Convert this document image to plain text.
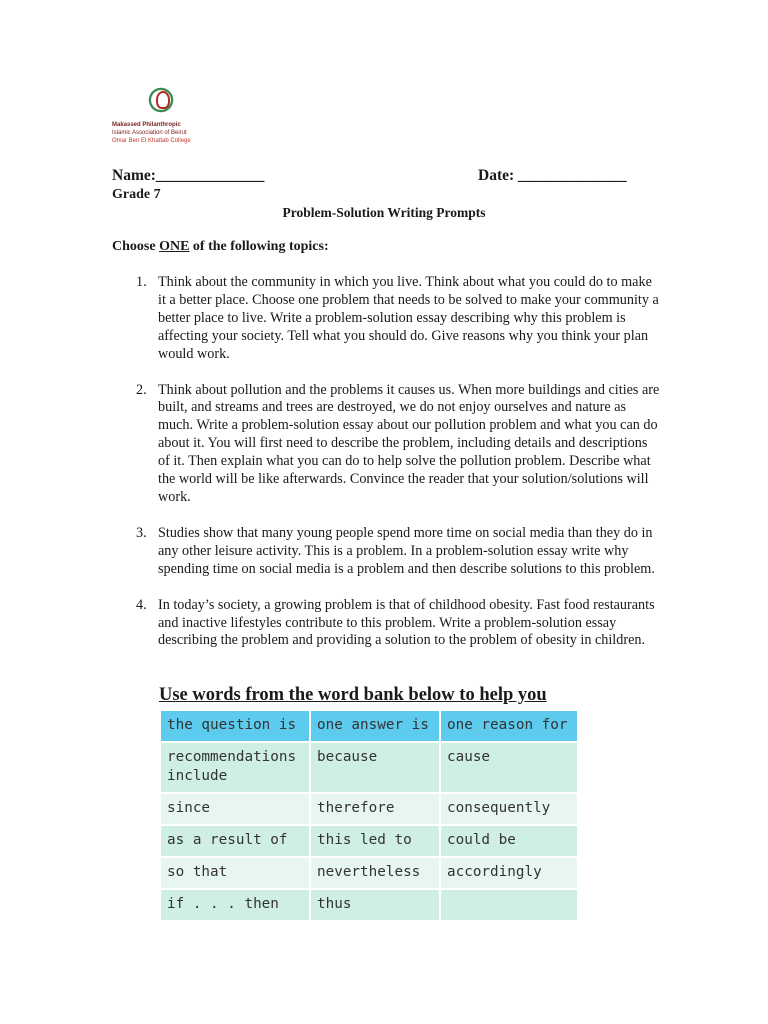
Makassed Philanthropic
Islamic Association of Beirut
Omar Ben El Khattab College
Name:______________	Date: ______________
Grade 7
Problem-Solution Writing Prompts
Choose ONE of the following topics:
1. Think about the community in which you live. Think about what you could do to make it a better place. Choose one problem that needs to be solved to make your community a better place to live. Write a problem-solution essay describing why this problem is affecting your society. Tell what you should do. Give reasons why you think your plan would work.
2. Think about pollution and the problems it causes us. When more buildings and cities are built, and streams and trees are destroyed, we do not enjoy ourselves and nature as much. Write a problem-solution essay about our pollution problem and what you can do about it. You will first need to describe the problem, including details and descriptions of it. Then explain what you can do to help solve the pollution problem. Describe what the world will be like afterwards. Convince the reader that your solution/solutions will work.
3. Studies show that many young people spend more time on social media than they do in any other leisure activity. This is a problem. In a problem-solution essay write why spending time on social media is a problem and then describe solutions to this problem.
4. In today’s society, a growing problem is that of childhood obesity. Fast food restaurants and inactive lifestyles contribute to this problem. Write a problem-solution essay describing the problem and providing a solution to the problem of obesity in children.
Use words from the word bank below to help you
the question is	one answer is	one reason for
recommendations include	because	cause
since	therefore	consequently
as a result of	this led to	could be
so that	nevertheless	accordingly
if . . . then	thus	
